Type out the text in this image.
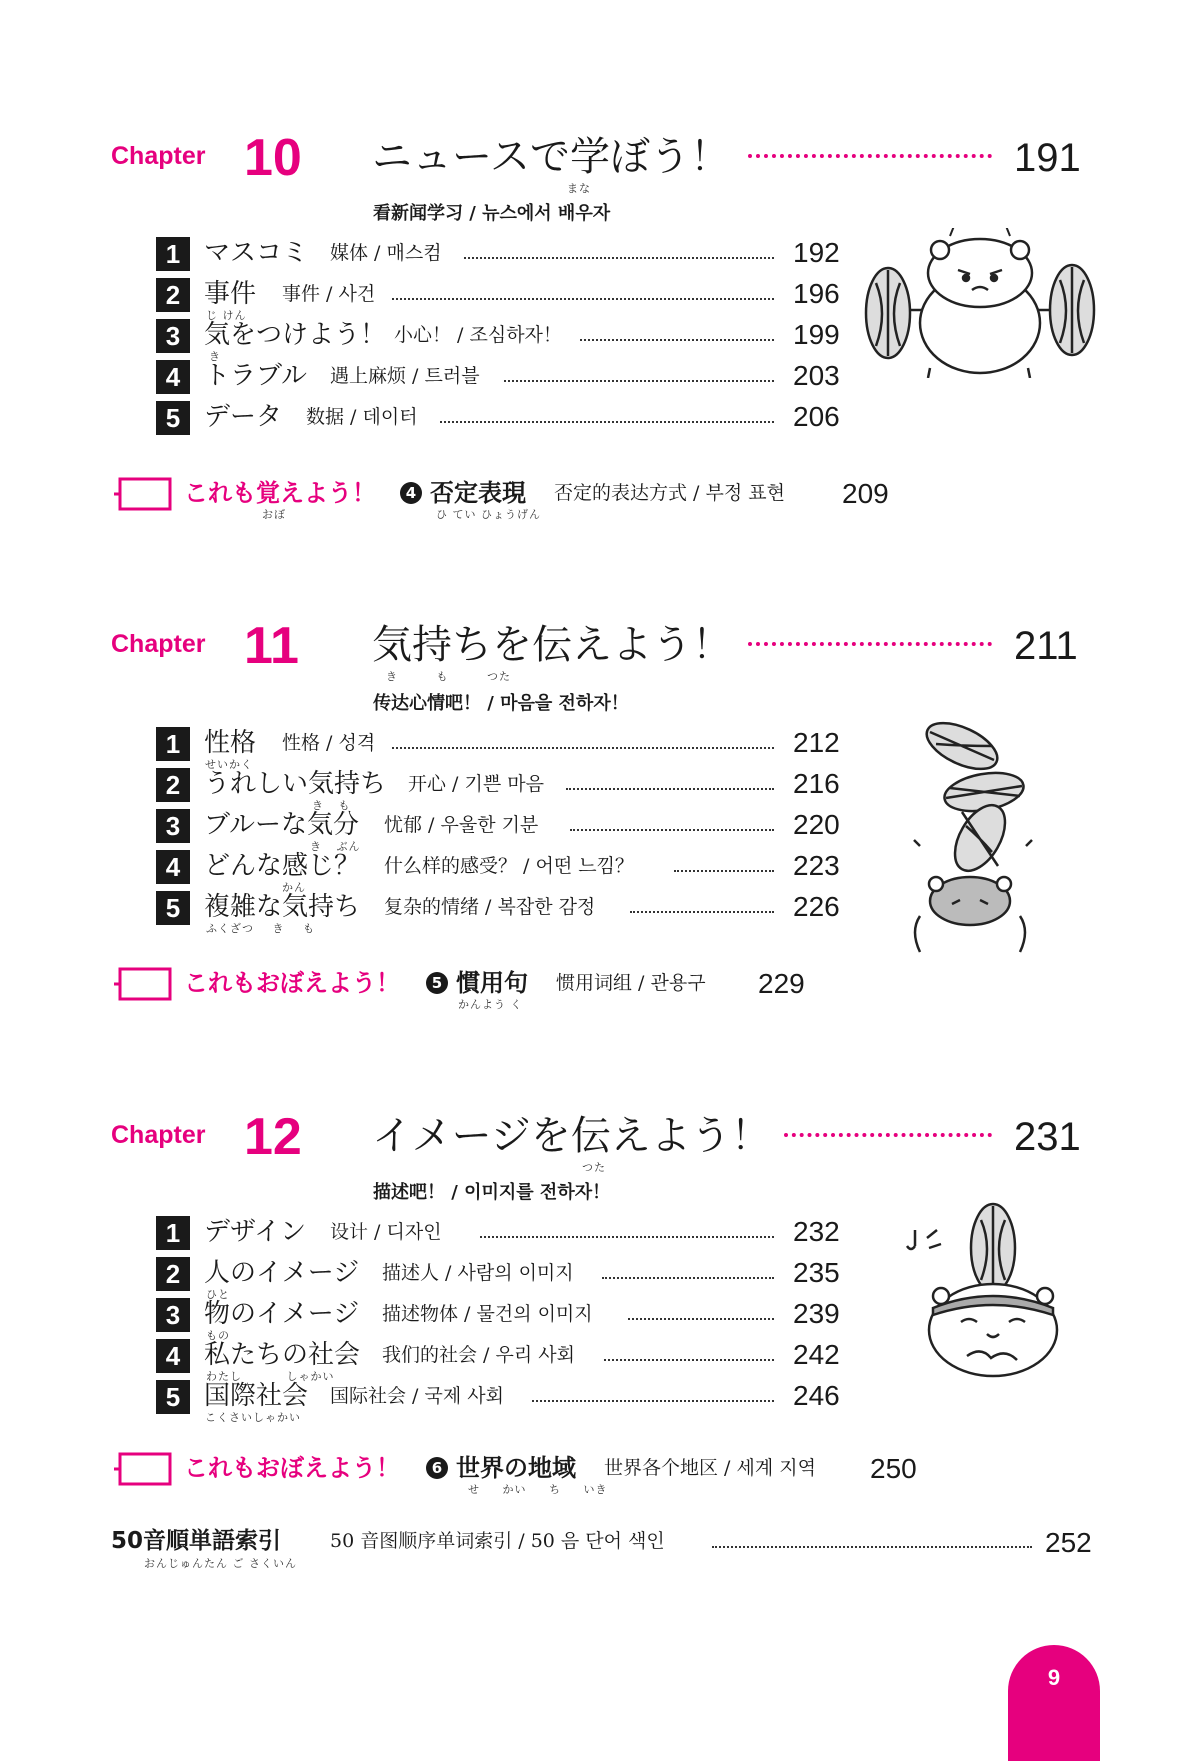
Chapter 10 ニュースで学ぼう！
まな
191
看新闻学习 / 뉴스에서 배우자
1 マスコミ 媒体 / 매스컴	192
2 事件
じ けん
事件 / 사건	196
3 気をつけよう！
き
小心！ / 조심하자！	199
4 トラブル 遇上麻烦 / 트러블	203
5 データ 数据 / 데이터	206
これも覚えよう！
おぼ
4 否定表現
ひ てい ひょうげん
否定的表达方式 / 부정 표현 209
Chapter 11 気持ちを伝えよう！
き も つた
211
传达心情吧！ / 마음을 전하자！
1 性格
せいかく
性格 / 성격	212
2 うれしい気持ち
き も
开心 / 기쁜 마음	216
3 ブルーな気分
き ぶん
忧郁 / 우울한 기분	220
4 どんな感じ？
かん
什么样的感受？ / 어떤 느낌？	223
5 複雑な気持ち
ふくざつ き も
复杂的情绪 / 복잡한 감정	226
これもおぼえよう！	5 慣用句
かんよう く
惯用词组 / 관용구 229
Chapter 12 イメージを伝えよう！
つた
231
描述吧！ / 이미지를 전하자！
1 デザイン 设计 / 디자인	232
2 人のイメージ
ひと
描述人 / 사람의 이미지	235
3 物のイメージ
もの
描述物体 / 물건의 이미지	239
4 私たちの社会
わたし しゃかい
我们的社会 / 우리 사회	242
5 国際社会
こくさいしゃかい
国际社会 / 국제 사회	246
これもおぼえよう！	6 世界の地域
せ かい ち いき
世界各个地区 / 세계 지역 250
50音順単語索引
おんじゅんたん ご さくいん
50 音图顺序单词索引 / 50 음 단어 색인	252
9
